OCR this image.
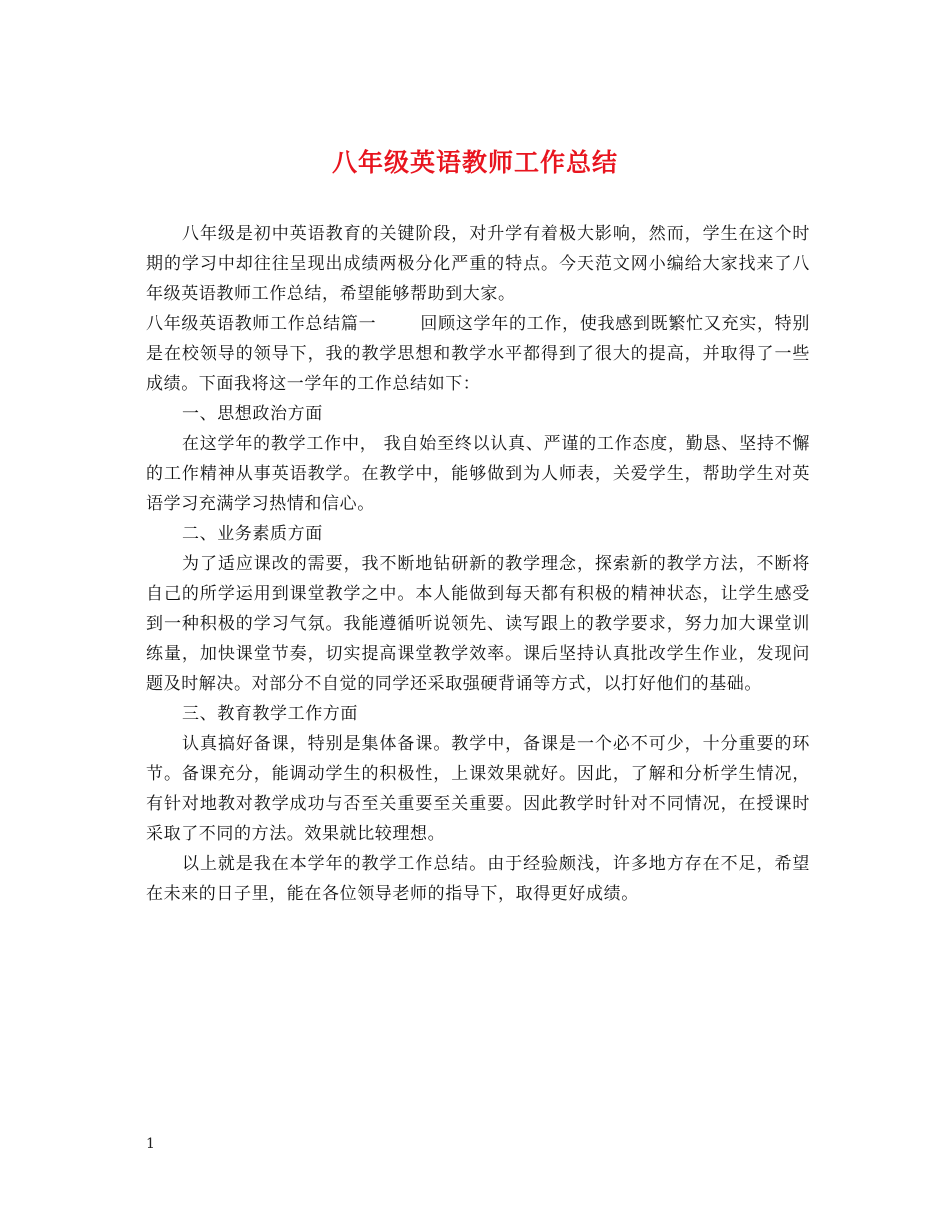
八年级英语教师工作总结

八年级是初中英语教育的关键阶段，对升学有着极大影响，然而，学生在这个时期的学习中却往往呈现出成绩两极分化严重的特点。今天范文网小编给大家找来了八年级英语教师工作总结，希望能够帮助到大家。

八年级英语教师工作总结篇一	回顾这学年的工作，使我感到既繁忙又充实，特别是在校领导的领导下，我的教学思想和教学水平都得到了很大的提高，并取得了一些成绩。下面我将这一学年的工作总结如下：

一、思想政治方面

在这学年的教学工作中， 我自始至终以认真、严谨的工作态度，勤恳、坚持不懈的工作精神从事英语教学。在教学中，能够做到为人师表，关爱学生，帮助学生对英语学习充满学习热情和信心。

二、业务素质方面

为了适应课改的需要，我不断地钻研新的教学理念，探索新的教学方法，不断将自己的所学运用到课堂教学之中。本人能做到每天都有积极的精神状态，让学生感受到一种积极的学习气氛。我能遵循听说领先、读写跟上的教学要求，努力加大课堂训练量，加快课堂节奏，切实提高课堂教学效率。课后坚持认真批改学生作业，发现问题及时解决。对部分不自觉的同学还采取强硬背诵等方式，以打好他们的基础。

三、教育教学工作方面

认真搞好备课，特别是集体备课。教学中，备课是一个必不可少，十分重要的环节。备课充分，能调动学生的积极性，上课效果就好。因此，了解和分析学生情况，有针对地教对教学成功与否至关重要至关重要。因此教学时针对不同情况，在授课时采取了不同的方法。效果就比较理想。

以上就是我在本学年的教学工作总结。由于经验颇浅，许多地方存在不足，希望在未来的日子里，能在各位领导老师的指导下，取得更好成绩。

1
